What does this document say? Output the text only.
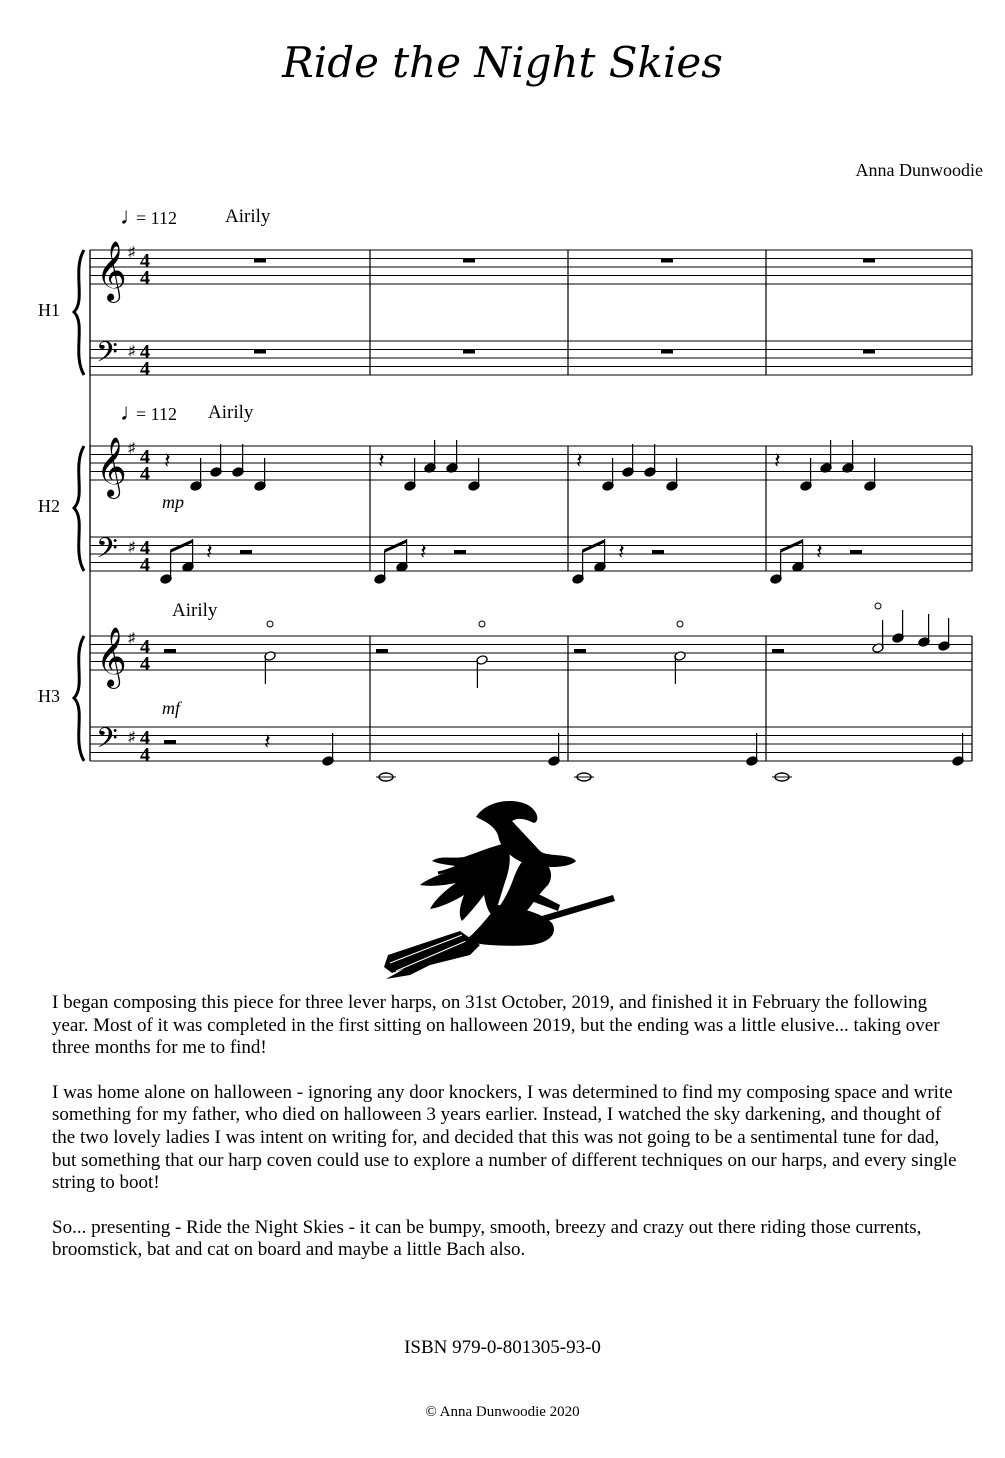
Ride the Night Skies
Anna Dunwoodie
𝄞 ♯ 4
4
𝄢 ♯ 4
4
H1
♩
= 112	Airily
𝄞 ♯ 4
4
𝄢 ♯ 4
4
H2
♩
= 112 Airily
mp
𝄽
𝄽
𝄽
𝄽
𝄽
𝄽
𝄽
𝄽
𝄞 ♯ 4
4
𝄢 ♯ 4
4
H3
Airily
mf
𝄽

I began composing this piece for three lever harps, on 31st October, 2019, and finished it in February the following year. Most of it was completed in the first sitting on halloween 2019, but the ending was a little elusive... taking over three months for me to find!

I was home alone on halloween - ignoring any door knockers, I was determined to find my composing space and write something for my father, who died on halloween 3 years earlier. Instead, I watched the sky darkening, and thought of the two lovely ladies I was intent on writing for, and decided that this was not going to be a sentimental tune for dad, but something that our harp coven could use to explore a number of different techniques on our harps, and every single string to boot!

So... presenting - Ride the Night Skies - it can be bumpy, smooth, breezy and crazy out there riding those currents, broomstick, bat and cat on board and maybe a little Bach also.

ISBN 979-0-801305-93-0
© Anna Dunwoodie 2020
